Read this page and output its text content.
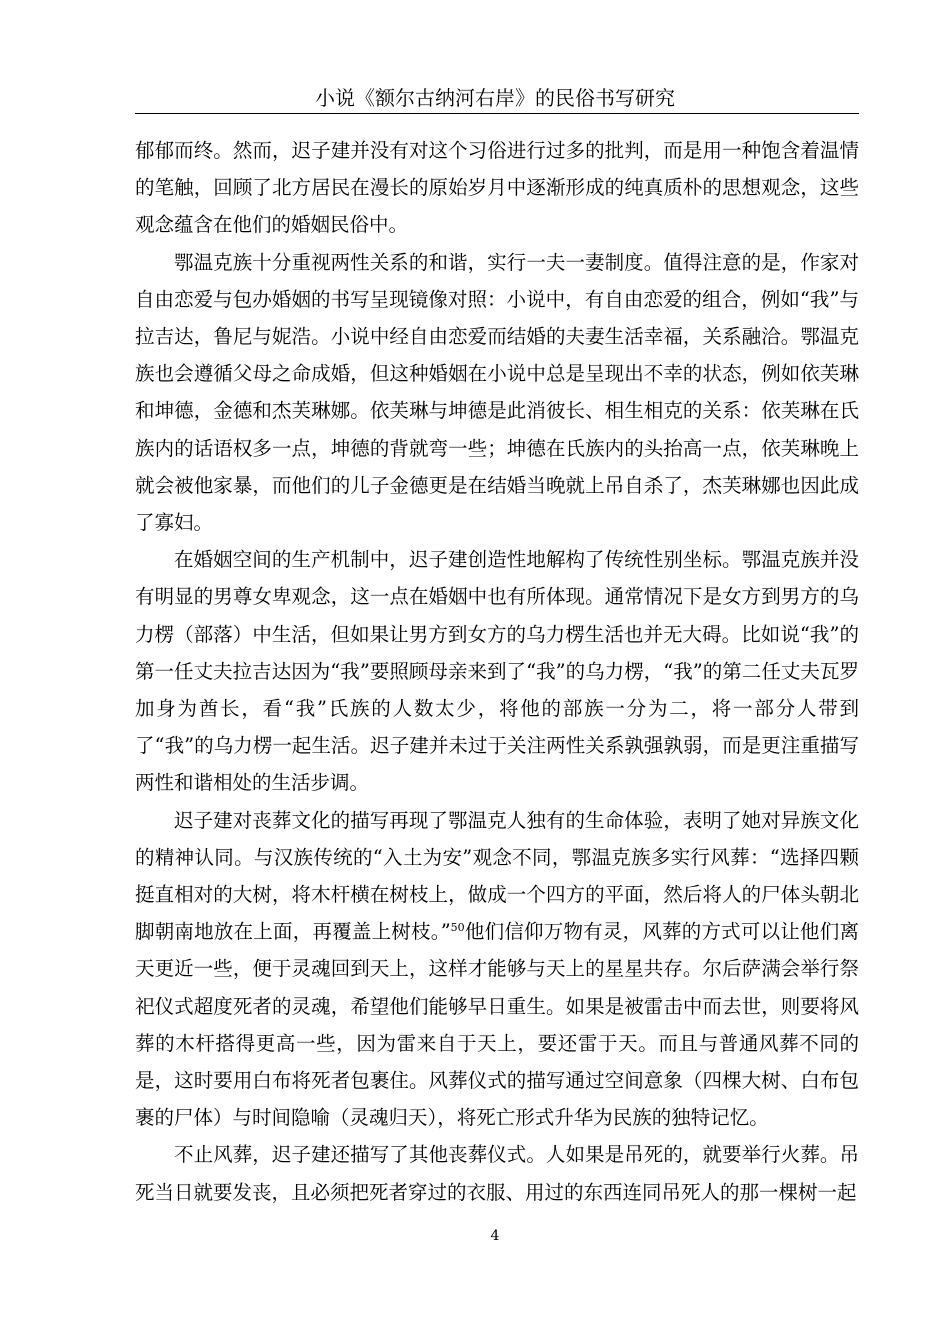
小说《额尔古纳河右岸》的民俗书写研究

郁郁而终。然而，迟子建并没有对这个习俗进行过多的批判，而是用一种饱含着温情的笔触，回顾了北方居民在漫长的原始岁月中逐渐形成的纯真质朴的思想观念，这些观念蕴含在他们的婚姻民俗中。

鄂温克族十分重视两性关系的和谐，实行一夫一妻制度。值得注意的是，作家对自由恋爱与包办婚姻的书写呈现镜像对照：小说中，有自由恋爱的组合，例如“我”与拉吉达，鲁尼与妮浩。小说中经自由恋爱而结婚的夫妻生活幸福，关系融洽。鄂温克族也会遵循父母之命成婚，但这种婚姻在小说中总是呈现出不幸的状态，例如依芙琳和坤德，金德和杰芙琳娜。依芙琳与坤德是此消彼长、相生相克的关系：依芙琳在氏族内的话语权多一点，坤德的背就弯一些；坤德在氏族内的头抬高一点，依芙琳晚上就会被他家暴，而他们的儿子金德更是在结婚当晚就上吊自杀了，杰芙琳娜也因此成了寡妇。

在婚姻空间的生产机制中，迟子建创造性地解构了传统性别坐标。鄂温克族并没有明显的男尊女卑观念，这一点在婚姻中也有所体现。通常情况下是女方到男方的乌力楞（部落）中生活，但如果让男方到女方的乌力楞生活也并无大碍。比如说“我”的第一任丈夫拉吉达因为“我”要照顾母亲来到了“我”的乌力楞，“我”的第二任丈夫瓦罗加身为酋长，看“我”氏族的人数太少，将他的部族一分为二，将一部分人带到了“我”的乌力楞一起生活。迟子建并未过于关注两性关系孰强孰弱，而是更注重描写两性和谐相处的生活步调。

迟子建对丧葬文化的描写再现了鄂温克人独有的生命体验，表明了她对异族文化的精神认同。与汉族传统的“入土为安”观念不同，鄂温克族多实行风葬：“选择四颗挺直相对的大树，将木杆横在树枝上，做成一个四方的平面，然后将人的尸体头朝北脚朝南地放在上面，再覆盖上树枝。”$^{50}$他们信仰万物有灵，风葬的方式可以让他们离天更近一些，便于灵魂回到天上，这样才能够与天上的星星共存。尔后萨满会举行祭祀仪式超度死者的灵魂，希望他们能够早日重生。如果是被雷击中而去世，则要将风葬的木杆搭得更高一些，因为雷来自于天上，要还雷于天。而且与普通风葬不同的是，这时要用白布将死者包裹住。风葬仪式的描写通过空间意象（四棵大树、白布包裹的尸体）与时间隐喻（灵魂归天），将死亡形式升华为民族的独特记忆。

不止风葬，迟子建还描写了其他丧葬仪式。人如果是吊死的，就要举行火葬。吊死当日就要发丧，且必须把死者穿过的衣服、用过的东西连同吊死人的那一棵树一起

4
